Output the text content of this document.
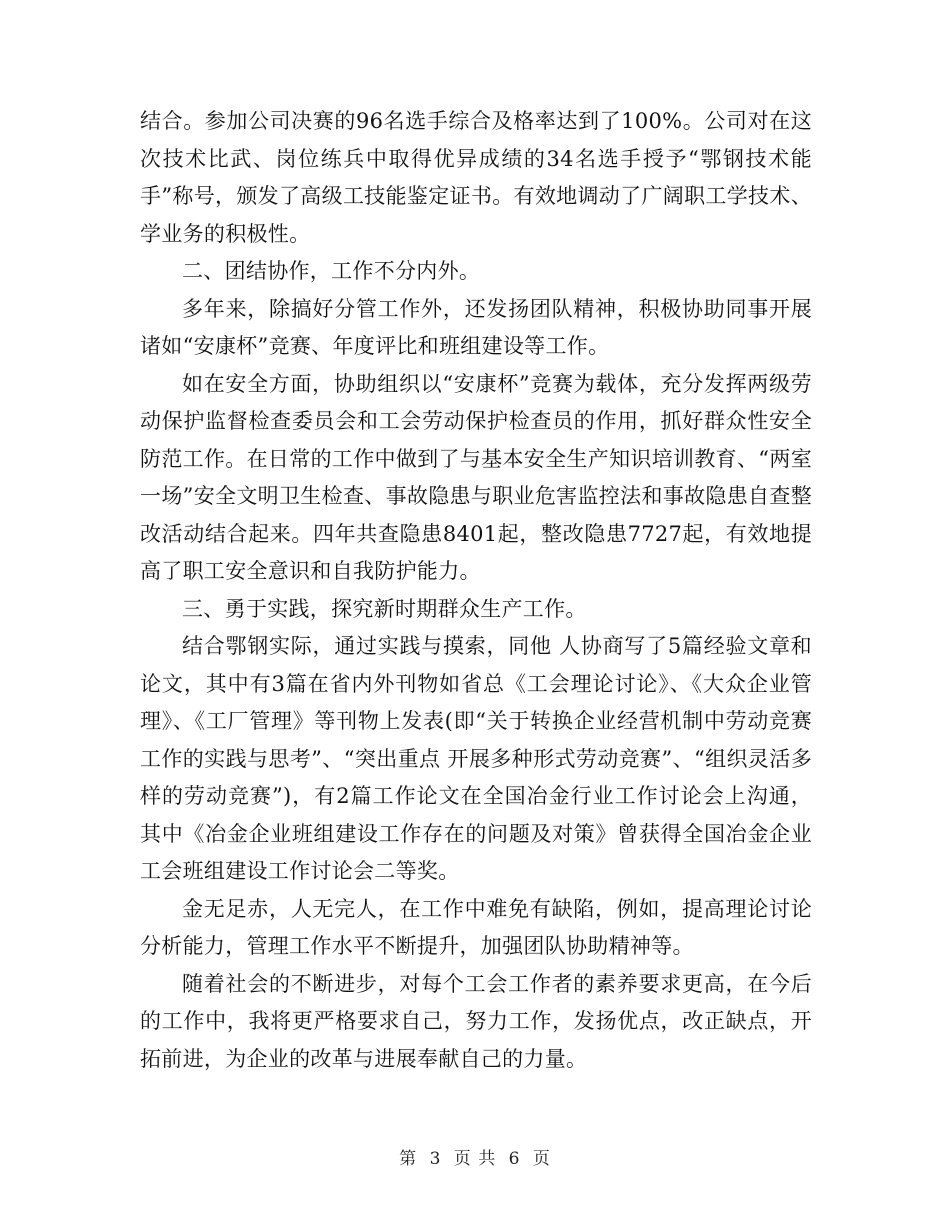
结合。参加公司决赛的96名选手综合及格率达到了100%。公司对在这次技术比武、岗位练兵中取得优异成绩的34名选手授予“鄂钢技术能手”称号，颁发了高级工技能鉴定证书。有效地调动了广阔职工学技术、学业务的积极性。

二、团结协作，工作不分内外。

多年来，除搞好分管工作外，还发扬团队精神，积极协助同事开展诸如“安康杯”竞赛、年度评比和班组建设等工作。

如在安全方面，协助组织以“安康杯”竞赛为载体，充分发挥两级劳动保护监督检查委员会和工会劳动保护检查员的作用，抓好群众性安全防范工作。在日常的工作中做到了与基本安全生产知识培训教育、“两室一场”安全文明卫生检查、事故隐患与职业危害监控法和事故隐患自查整改活动结合起来。四年共查隐患8401起，整改隐患7727起，有效地提高了职工安全意识和自我防护能力。

三、勇于实践，探究新时期群众生产工作。

结合鄂钢实际，通过实践与摸索，同他 人协商写了5篇经验文章和论文，其中有3篇在省内外刊物如省总《工会理论讨论》、《大众企业管理》、《工厂管理》等刊物上发表(即“关于转换企业经营机制中劳动竞赛工作的实践与思考”、“突出重点 开展多种形式劳动竞赛”、“组织灵活多样的劳动竞赛”)，有2篇工作论文在全国冶金行业工作讨论会上沟通，其中《冶金企业班组建设工作存在的问题及对策》曾获得全国冶金企业工会班组建设工作讨论会二等奖。

金无足赤，人无完人，在工作中难免有缺陷，例如，提高理论讨论分析能力，管理工作水平不断提升，加强团队协助精神等。

随着社会的不断进步，对每个工会工作者的素养要求更高，在今后的工作中，我将更严格要求自己，努力工作，发扬优点，改正缺点，开拓前进，为企业的改革与进展奉献自己的力量。

第 3 页 共 6 页
